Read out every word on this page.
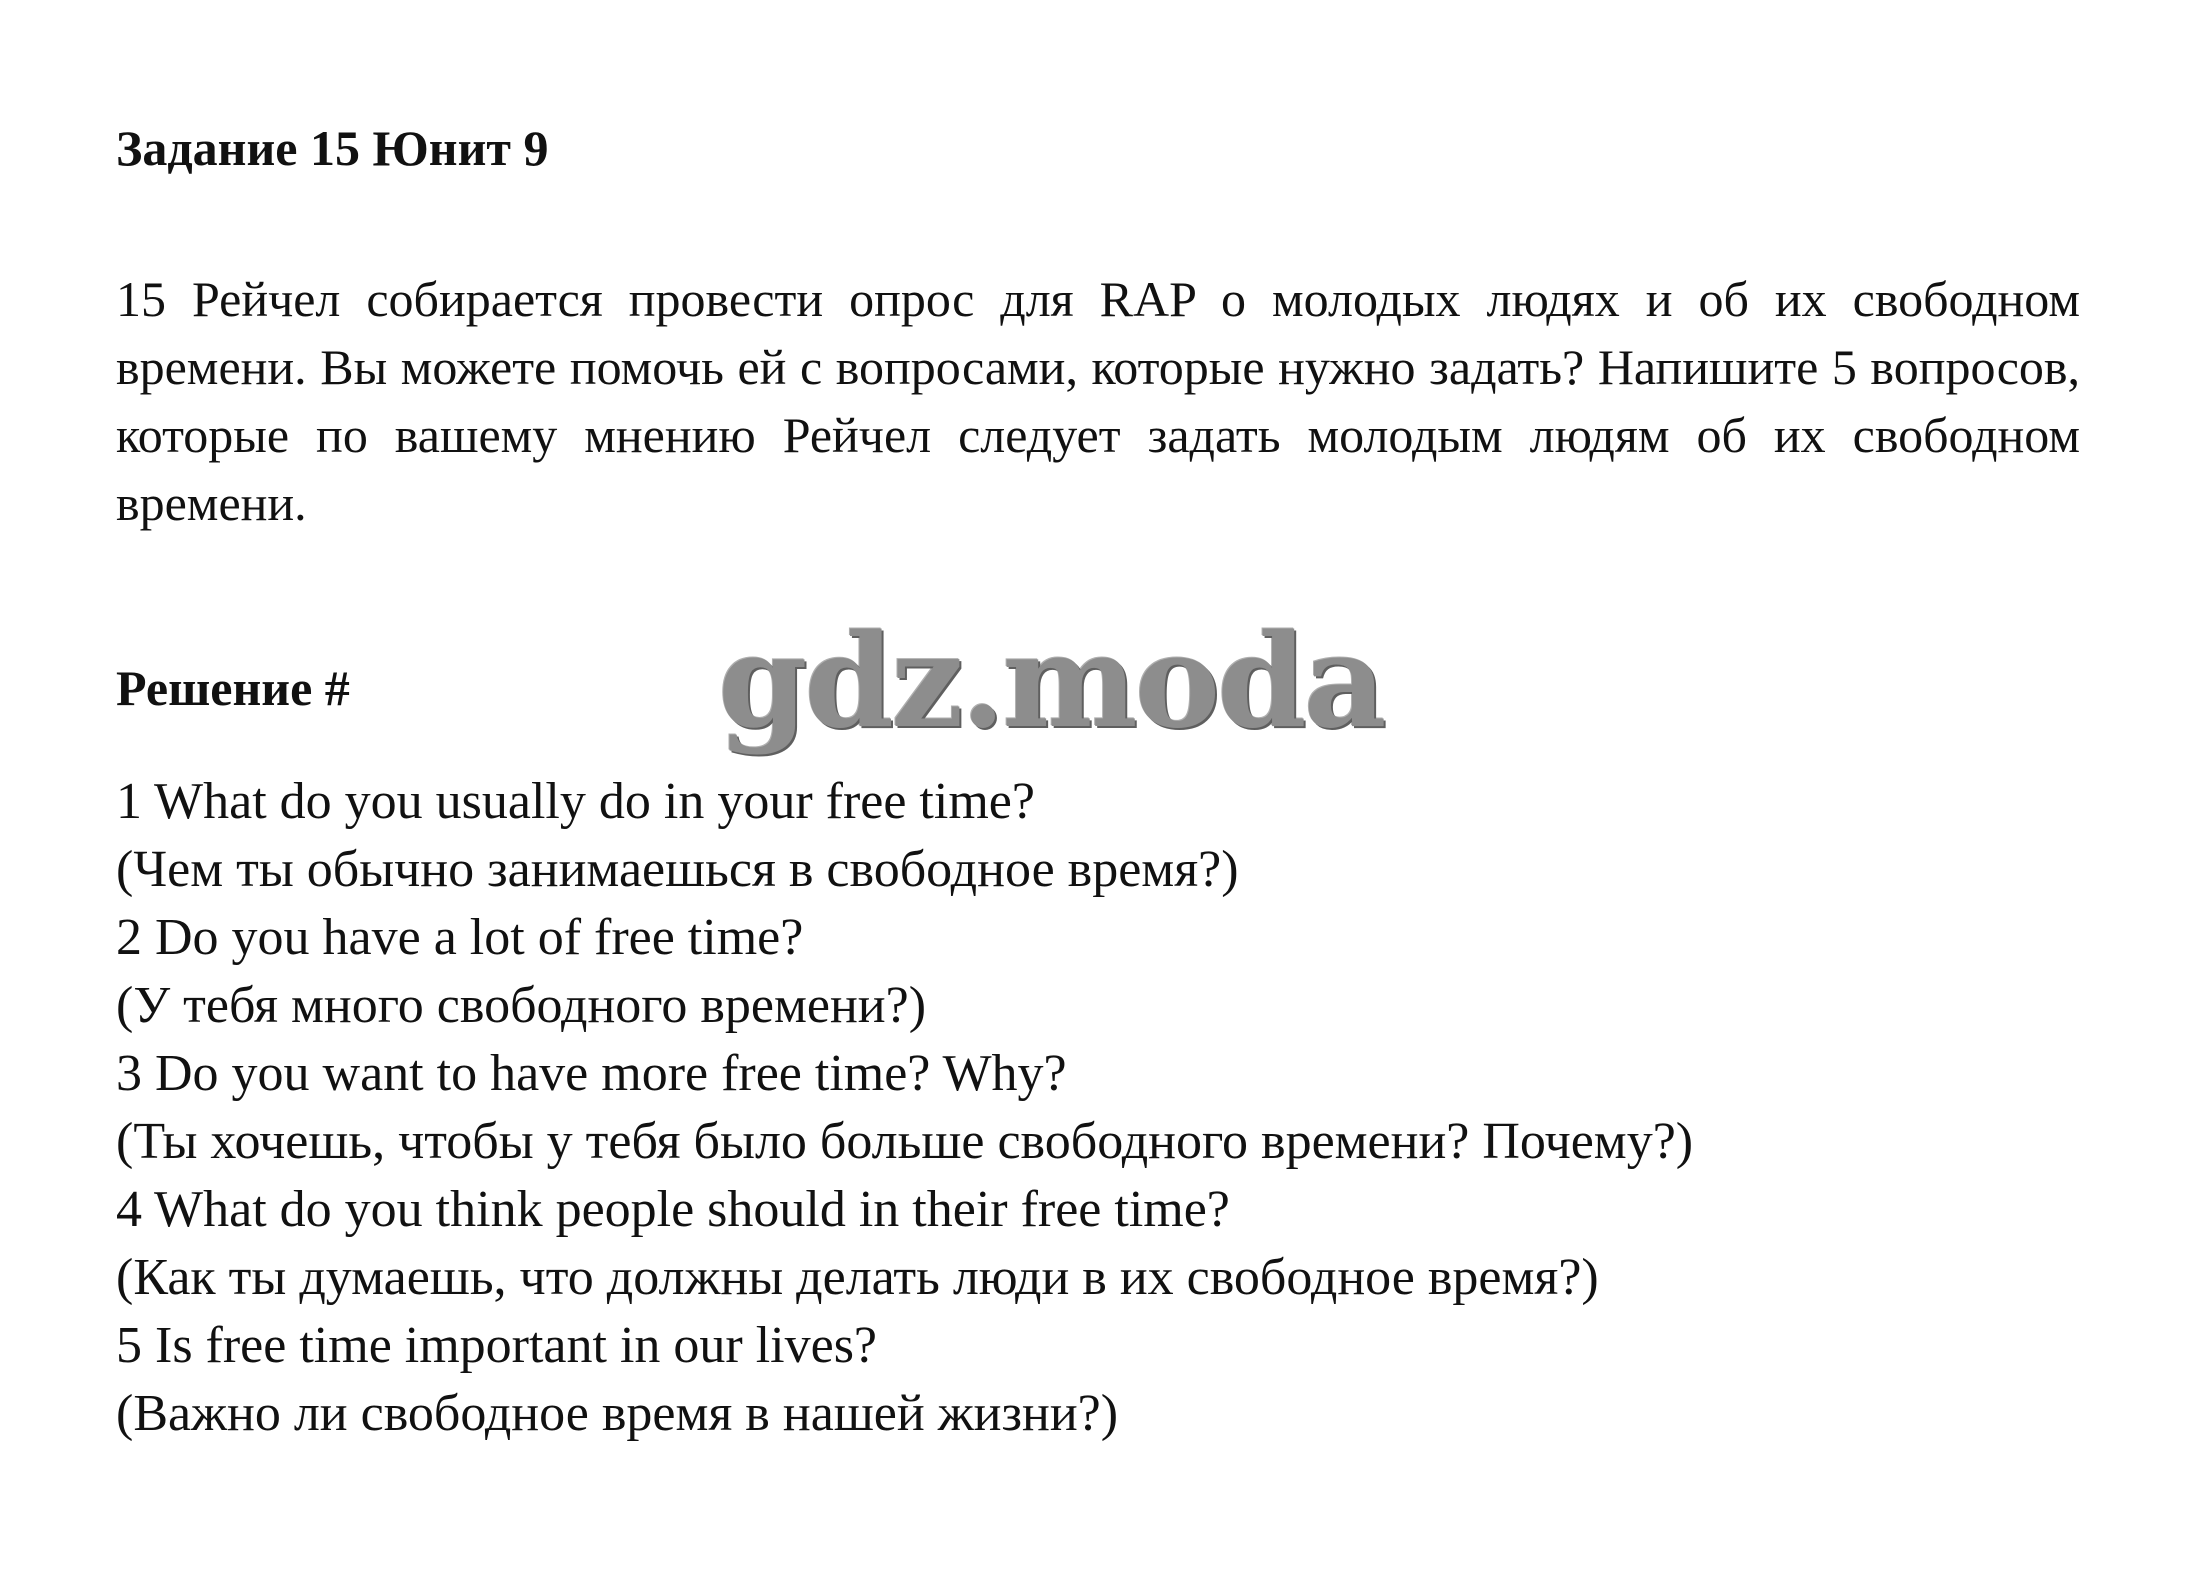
Задание 15 Юнит 9

15 Рейчел собирается провести опрос для RAP о молодых людях и об их свободном времени. Вы можете помочь ей с вопросами, которые нужно задать? Напишите 5 вопросов, которые по вашему мнению Рейчел следует задать молодым людям об их свободном времени.

Решение #	gdz.moda
1 What do you usually do in your free time?
(Чем ты обычно занимаешься в свободное время?)
2 Do you have a lot of free time?
(У тебя много свободного времени?)
3 Do you want to have more free time? Why?
(Ты хочешь, чтобы у тебя было больше свободного времени? Почему?)
4 What do you think people should in their free time?
(Как ты думаешь, что должны делать люди в их свободное время?)
5 Is free time important in our lives?
(Важно ли свободное время в нашей жизни?)
